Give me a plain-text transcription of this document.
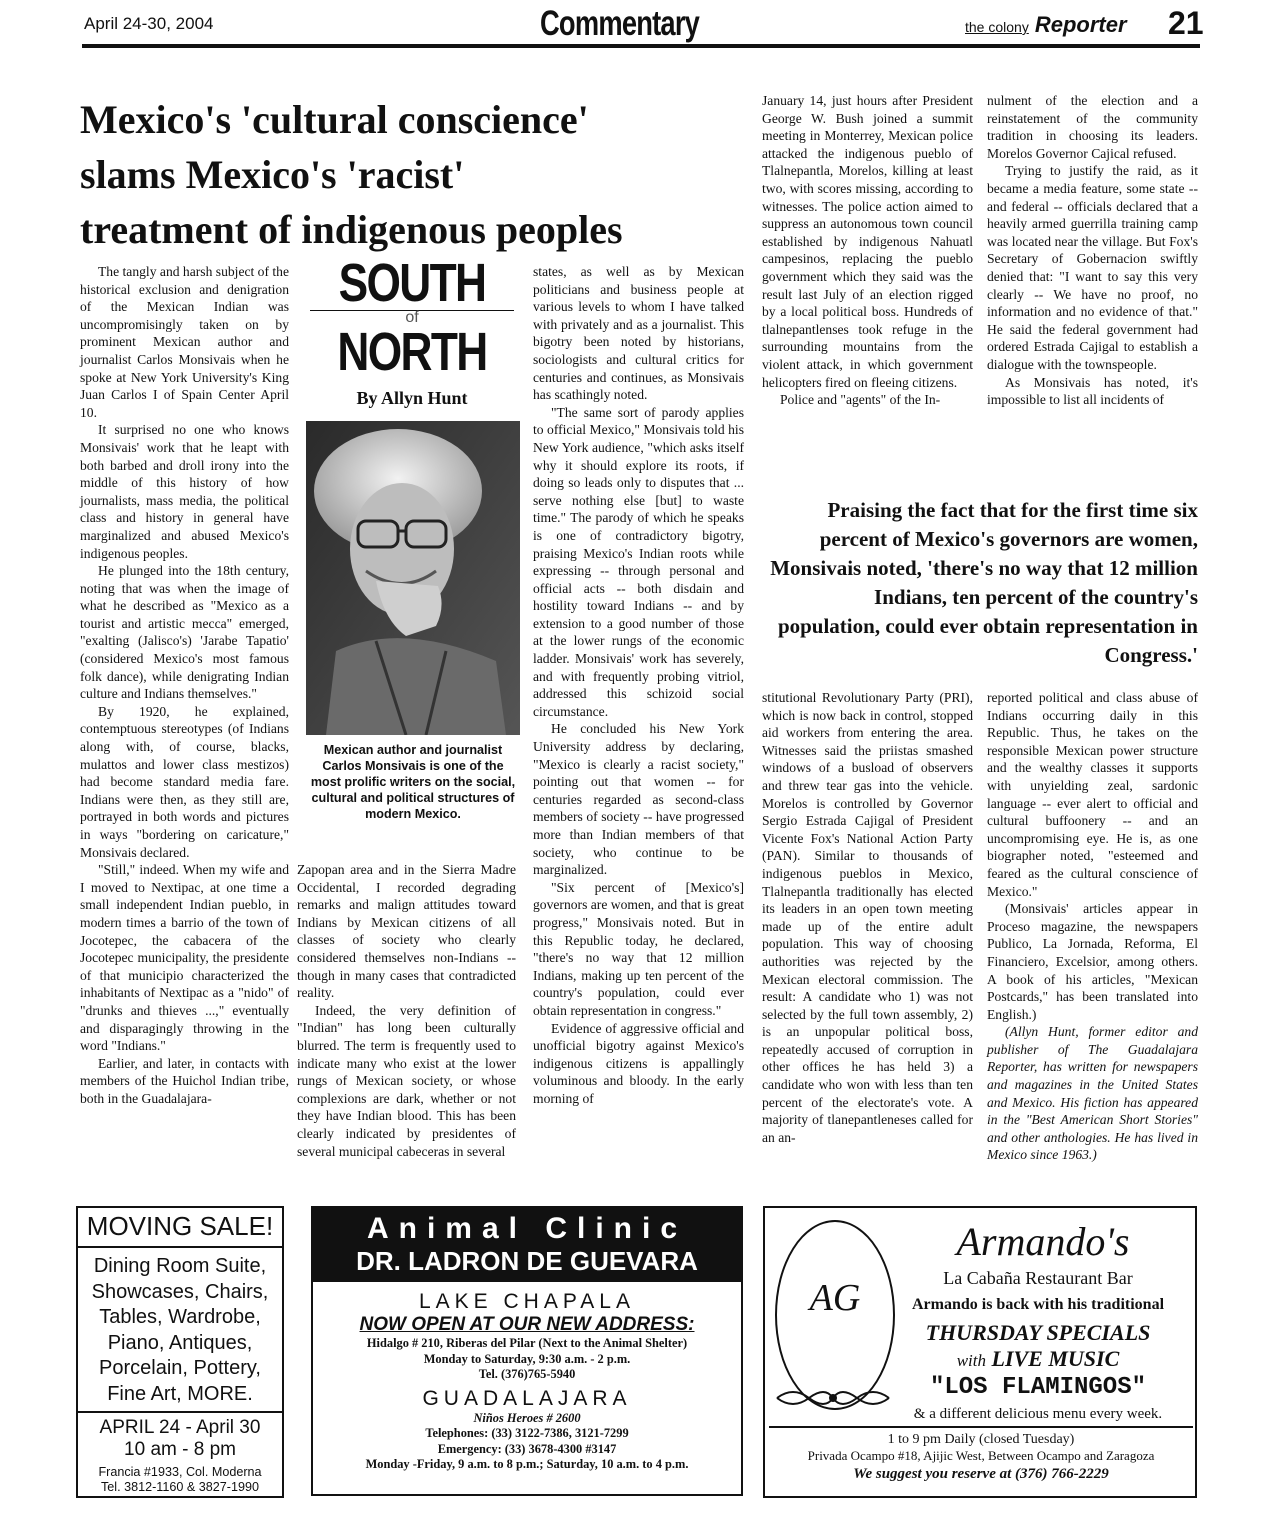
April 24-30, 2004	Commentary	the colony Reporter 21
Mexico's 'cultural conscience'
slams Mexico's 'racist'
treatment of indigenous peoples

The tangly and harsh subject of the historical exclusion and denigration of the Mexican Indian was uncompromisingly taken on by prominent Mexican author and journalist Carlos Monsivais when he spoke at New York University's King Juan Carlos I of Spain Center April 10.

It surprised no one who knows Monsivais' work that he leapt with both barbed and droll irony into the middle of this history of how journalists, mass media, the political class and history in general have marginalized and abused Mexico's indigenous peoples.

He plunged into the 18th century, noting that was when the image of what he described as "Mexico as a tourist and artistic mecca" emerged, "exalting (Jalisco's) 'Jarabe Tapatio' (considered Mexico's most famous folk dance), while denigrating Indian culture and Indians themselves."

By 1920, he explained, contemptuous stereotypes (of Indians along with, of course, blacks, mulattos and lower class mestizos) had become standard media fare. Indians were then, as they still are, portrayed in both words and pictures in ways "bordering on caricature," Monsivais declared.

"Still," indeed. When my wife and I moved to Nextipac, at one time a small independent Indian pueblo, in modern times a barrio of the town of Jocotepec, the cabacera of the Jocotepec municipality, the presidente of that municipio characterized the inhabitants of Nextipac as a "nido" of "drunks and thieves ...," eventually and disparagingly throwing in the word "Indians."

Earlier, and later, in contacts with members of the Huichol Indian tribe, both in the Guadalajara-

SOUTH
of
NORTH
By Allyn Hunt
Mexican author and journalist Carlos Monsivais is one of the most prolific writers on the social, cultural and political structures of modern Mexico.

Zapopan area and in the Sierra Madre Occidental, I recorded degrading remarks and malign attitudes toward Indians by Mexican citizens of all classes of society who clearly considered themselves non-Indians -- though in many cases that contradicted reality.

Indeed, the very definition of "Indian" has long been culturally blurred. The term is frequently used to indicate many who exist at the lower rungs of Mexican society, or whose complexions are dark, whether or not they have Indian blood. This has been clearly indicated by presidentes of several municipal cabeceras in several

states, as well as by Mexican politicians and business people at various levels to whom I have talked with privately and as a journalist. This bigotry been noted by historians, sociologists and cultural critics for centuries and continues, as Monsivais has scathingly noted.

"The same sort of parody applies to official Mexico," Monsivais told his New York audience, "which asks itself why it should explore its roots, if doing so leads only to disputes that ... serve nothing else [but] to waste time." The parody of which he speaks is one of contradictory bigotry, praising Mexico's Indian roots while expressing -- through personal and official acts -- both disdain and hostility toward Indians -- and by extension to a good number of those at the lower rungs of the economic ladder. Monsivais' work has severely, and with frequently probing vitriol, addressed this schizoid social circumstance.

He concluded his New York University address by declaring, "Mexico is clearly a racist society," pointing out that women -- for centuries regarded as second-class members of society -- have progressed more than Indian members of that society, who continue to be marginalized.

"Six percent of [Mexico's] governors are women, and that is great progress," Monsivais noted. But in this Republic today, he declared, "there's no way that 12 million Indians, making up ten percent of the country's population, could ever obtain representation in congress."

Evidence of aggressive official and unofficial bigotry against Mexico's indigenous citizens is appallingly voluminous and bloody. In the early morning of

January 14, just hours after President George W. Bush joined a summit meeting in Monterrey, Mexican police attacked the indigenous pueblo of Tlalnepantla, Morelos, killing at least two, with scores missing, according to witnesses. The police action aimed to suppress an autonomous town council established by indigenous Nahuatl campesinos, replacing the pueblo government which they said was the result last July of an election rigged by a local political boss. Hundreds of tlalnepantlenses took refuge in the surrounding mountains from the violent attack, in which government helicopters fired on fleeing citizens.

Police and "agents" of the In-

nulment of the election and a reinstatement of the community tradition in choosing its leaders. Morelos Governor Cajical refused.

Trying to justify the raid, as it became a media feature, some state -- and federal -- officials declared that a heavily armed guerrilla training camp was located near the village. But Fox's Secretary of Gobernacion swiftly denied that: "I want to say this very clearly -- We have no proof, no information and no evidence of that." He said the federal government had ordered Estrada Cajigal to establish a dialogue with the townspeople.

As Monsivais has noted, it's impossible to list all incidents of

Praising the fact that for the first time six percent of Mexico's governors are women, Monsivais noted, 'there's no way that 12 million Indians, ten percent of the country's population, could ever obtain representation in Congress.'

stitutional Revolutionary Party (PRI), which is now back in control, stopped aid workers from entering the area. Witnesses said the priistas smashed windows of a busload of observers and threw tear gas into the vehicle. Morelos is controlled by Governor Sergio Estrada Cajigal of President Vicente Fox's National Action Party (PAN). Similar to thousands of indigenous pueblos in Mexico, Tlalnepantla traditionally has elected its leaders in an open town meeting made up of the entire adult population. This way of choosing authorities was rejected by the Mexican electoral commission. The result: A candidate who 1) was not selected by the full town assembly, 2) is an unpopular political boss, repeatedly accused of corruption in other offices he has held 3) a candidate who won with less than ten percent of the electorate's vote. A majority of tlanepantleneses called for an an-

reported political and class abuse of Indians occurring daily in this Republic. Thus, he takes on the responsible Mexican power structure and the wealthy classes it supports with unyielding zeal, sardonic language -- ever alert to official and cultural buffoonery -- and an uncompromising eye. He is, as one biographer noted, "esteemed and feared as the cultural conscience of Mexico."

(Monsivais' articles appear in Proceso magazine, the newspapers Publico, La Jornada, Reforma, El Financiero, Excelsior, among others. A book of his articles, "Mexican Postcards," has been translated into English.)

(Allyn Hunt, former editor and publisher of The Guadalajara Reporter, has written for newspapers and magazines in the United States and Mexico. His fiction has appeared in the "Best American Short Stories" and other anthologies. He has lived in Mexico since 1963.)

MOVING SALE!
Dining Room Suite,
Showcases, Chairs,
Tables, Wardrobe,
Piano, Antiques,
Porcelain, Pottery,
Fine Art, MORE.
APRIL 24 - April 30
10 am - 8 pm
Francia #1933, Col. Moderna
Tel. 3812-1160 & 3827-1990
Animal Clinic
DR. LADRON DE GUEVARA
LAKE CHAPALA
NOW OPEN AT OUR NEW ADDRESS:
Hidalgo # 210, Riberas del Pilar (Next to the Animal Shelter)
Monday to Saturday, 9:30 a.m. - 2 p.m.
Tel. (376)765-5940
GUADALAJARA
Niños Heroes # 2600
Telephones: (33) 3122-7386, 3121-7299
Emergency: (33) 3678-4300 #3147
Monday -Friday, 9 a.m. to 8 p.m.; Saturday, 10 a.m. to 4 p.m.
AG
Armando's
La Cabaña Restaurant Bar
Armando is back with his traditional
THURSDAY SPECIALS
with LIVE MUSIC
"LOS FLAMINGOS"
& a different delicious menu every week.
1 to 9 pm Daily (closed Tuesday)
Privada Ocampo #18, Ajijic West, Between Ocampo and Zaragoza
We suggest you reserve at (376) 766-2229
